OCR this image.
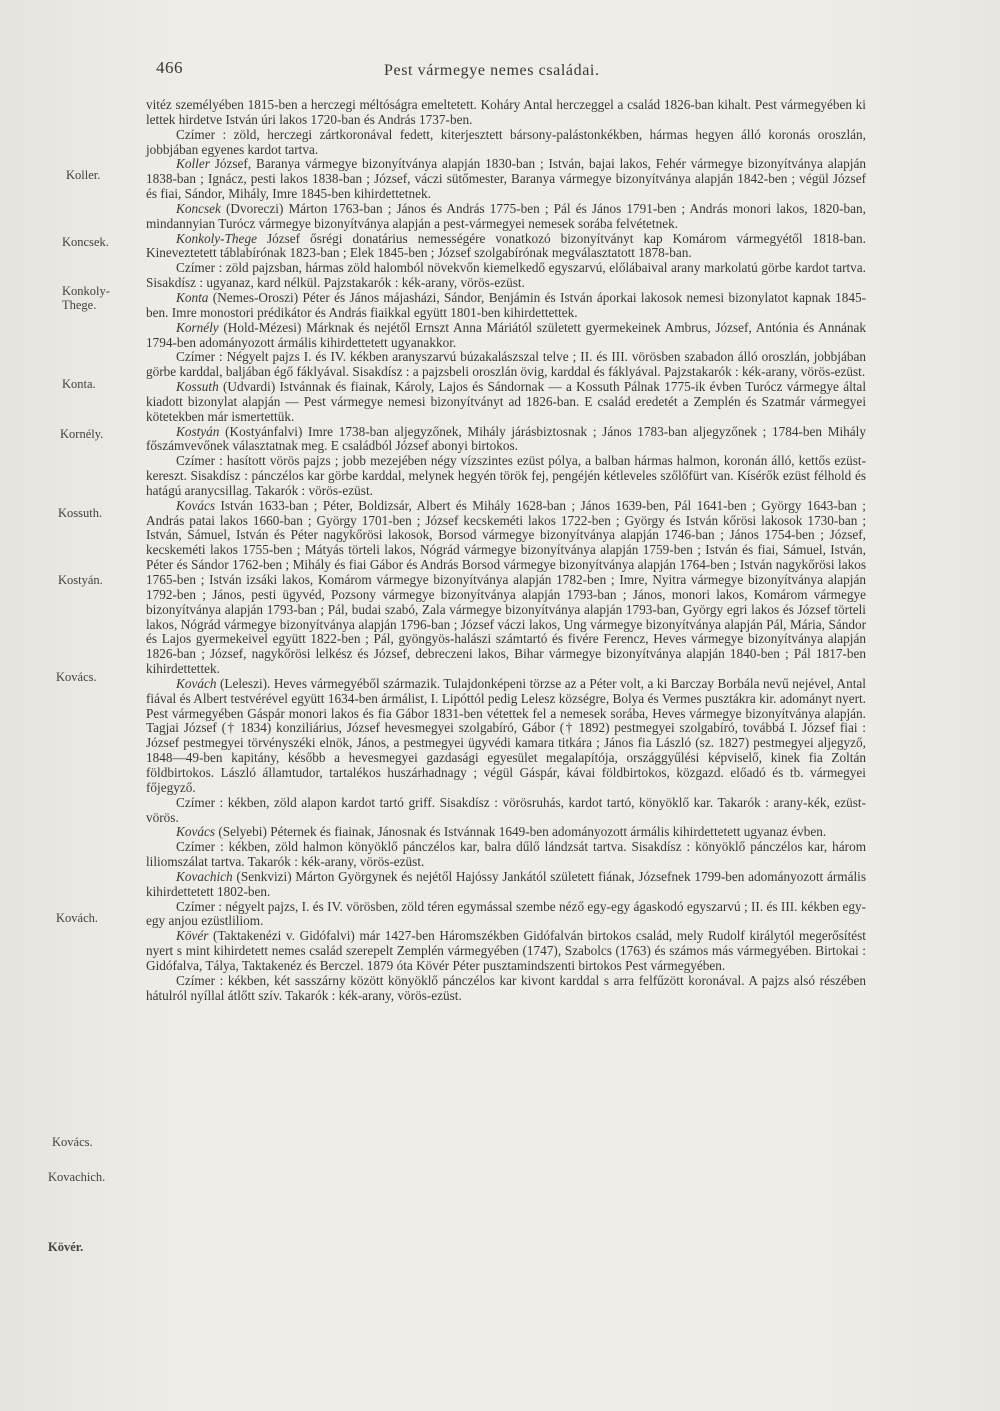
466	Pest vármegye nemes családai.
Koller.
Koncsek.
Konkoly-Thege.
Konta.
Kornély.
Kossuth.
Kostyán.
Kovács.
Kovách.
Kovács.
Kovachich.
Kövér.

vitéz személyében 1815-ben a herczegi méltóságra emeltetett. Koháry Antal herczeggel a család 1826-ban kihalt. Pest vármegyében ki lettek hirdetve István úri lakos 1720-ban és András 1737-ben.

Czímer : zöld, herczegi zártkoronával fedett, kiterjesztett bársony-palástonkékben, hármas hegyen álló koronás oroszlán, jobbjában egyenes kardot tartva.

Koller József, Baranya vármegye bizonyítványa alapján 1830-ban ; István, bajai lakos, Fehér vármegye bizonyítványa alapján 1838-ban ; Ignácz, pesti lakos 1838-ban ; József, váczi sütőmester, Baranya vármegye bizonyítványa alapján 1842-ben ; végül József és fiai, Sándor, Mihály, Imre 1845-ben kihirdettetnek.

Koncsek (Dvoreczi) Márton 1763-ban ; János és András 1775-ben ; Pál és János 1791-ben ; András monori lakos, 1820-ban, mindannyian Turócz vármegye bizonyítványa alapján a pest-vármegyei nemesek sorába felvétetnek.

Konkoly-Thege József ősrégi donatárius nemességére vonatkozó bizonyítványt kap Komárom vármegyétől 1818-ban. Kineveztetett táblabírónak 1823-ban ; Elek 1845-ben ; József szolgabírónak megválasztatott 1878-ban.

Czímer : zöld pajzsban, hármas zöld halomból növekvőn kiemelkedő egyszarvú, előlábaival arany markolatú görbe kardot tartva. Sisakdísz : ugyanaz, kard nélkül. Pajzstakarók : kék-arany, vörös-ezüst.

Konta (Nemes-Oroszi) Péter és János májasházi, Sándor, Benjámin és István áporkai lakosok nemesi bizonylatot kapnak 1845-ben. Imre monostori prédikátor és András fiaikkal együtt 1801-ben kihirdettettek.

Kornély (Hold-Mézesi) Márknak és nejétől Ernszt Anna Máriától született gyermekeinek Ambrus, József, Antónia és Annának 1794-ben adományozott ármális kihirdettetett ugyanakkor.

Czímer : Négyelt pajzs I. és IV. kékben aranyszarvú búzakalászszal telve ; II. és III. vörösben szabadon álló oroszlán, jobbjában görbe karddal, baljában égő fáklyával. Sisakdísz : a pajzsbeli oroszlán övig, karddal és fáklyával. Pajzstakarók : kék-arany, vörös-ezüst.

Kossuth (Udvardi) Istvánnak és fiainak, Károly, Lajos és Sándornak — a Kossuth Pálnak 1775-ik évben Turócz vármegye által kiadott bizonylat alapján — Pest vármegye nemesi bizonyítványt ad 1826-ban. E család eredetét a Zemplén és Szatmár vármegyei kötetekben már ismertettük.

Kostyán (Kostyánfalvi) Imre 1738-ban aljegyzőnek, Mihály járásbiztosnak ; János 1783-ban aljegyzőnek ; 1784-ben Mihály főszámvevőnek választatnak meg. E családból József abonyi birtokos.

Czímer : hasított vörös pajzs ; jobb mezejében négy vízszintes ezüst pólya, a balban hármas halmon, koronán álló, kettős ezüst-kereszt. Sisakdísz : pánczélos kar görbe karddal, melynek hegyén török fej, pengéjén kétleveles szőlőfürt van. Kísérők ezüst félhold és hatágú aranycsillag. Takarók : vörös-ezüst.

Kovács István 1633-ban ; Péter, Boldizsár, Albert és Mihály 1628-ban ; János 1639-ben, Pál 1641-ben ; György 1643-ban ; András patai lakos 1660-ban ; György 1701-ben ; József kecskeméti lakos 1722-ben ; György és István kőrösi lakosok 1730-ban ; István, Sámuel, István és Péter nagykőrösi lakosok, Borsod vármegye bizonyítványa alapján 1746-ban ; János 1754-ben ; József, kecskeméti lakos 1755-ben ; Mátyás törteli lakos, Nógrád vármegye bizonyítványa alapján 1759-ben ; István és fiai, Sámuel, István, Péter és Sándor 1762-ben ; Mihály és fiai Gábor és András Borsod vármegye bizonyítványa alapján 1764-ben ; István nagykőrösi lakos 1765-ben ; István izsáki lakos, Komárom vármegye bizonyítványa alapján 1782-ben ; Imre, Nyitra vármegye bizonyítványa alapján 1792-ben ; János, pesti ügyvéd, Pozsony vármegye bizonyítványa alapján 1793-ban ; János, monori lakos, Komárom vármegye bizonyítványa alapján 1793-ban ; Pál, budai szabó, Zala vármegye bizonyítványa alapján 1793-ban, György egri lakos és József törteli lakos, Nógrád vármegye bizonyítványa alapján 1796-ban ; József váczi lakos, Ung vármegye bizonyítványa alapján Pál, Mária, Sándor és Lajos gyermekeivel együtt 1822-ben ; Pál, gyöngyös-halászi számtartó és fivére Ferencz, Heves vármegye bizonyítványa alapján 1826-ban ; József, nagykőrösi lelkész és József, debreczeni lakos, Bihar vármegye bizonyítványa alapján 1840-ben ; Pál 1817-ben kihirdettettek.

Kovách (Leleszi). Heves vármegyéből származik. Tulajdonképeni törzse az a Péter volt, a ki Barczay Borbála nevű nejével, Antal fiával és Albert testvérével együtt 1634-ben ármálist, I. Lipóttól pedig Lelesz községre, Bolya és Vermes pusztákra kir. adományt nyert. Pest vármegyében Gáspár monori lakos és fia Gábor 1831-ben vétettek fel a nemesek sorába, Heves vármegye bizonyítványa alapján. Tagjai József († 1834) konziliárius, József hevesmegyei szolgabíró, Gábor († 1892) pestmegyei szolgabíró, továbbá I. József fiai : József pestmegyei törvényszéki elnök, János, a pestmegyei ügyvédi kamara titkára ; János fia László (sz. 1827) pestmegyei aljegyző, 1848—49-ben kapitány, később a hevesmegyei gazdasági egyesület megalapítója, országgyűlési képviselő, kinek fia Zoltán földbirtokos. László államtudor, tartalékos huszárhadnagy ; végül Gáspár, kávai földbirtokos, közgazd. előadó és tb. vármegyei főjegyző.

Czímer : kékben, zöld alapon kardot tartó griff. Sisakdísz : vörösruhás, kardot tartó, könyöklő kar. Takarók : arany-kék, ezüst-vörös.

Kovács (Selyebi) Péternek és fiainak, Jánosnak és Istvánnak 1649-ben adományozott ármális kihirdettetett ugyanaz évben.

Czímer : kékben, zöld halmon könyöklő pánczélos kar, balra dűlő lándzsát tartva. Sisakdísz : könyöklő pánczélos kar, három liliomszálat tartva. Takarók : kék-arany, vörös-ezüst.

Kovachich (Senkvizi) Márton Györgynek és nejétől Hajóssy Jankától született fiának, Józsefnek 1799-ben adományozott ármális kihirdettetett 1802-ben.

Czímer : négyelt pajzs, I. és IV. vörösben, zöld téren egymással szembe néző egy-egy ágaskodó egyszarvú ; II. és III. kékben egy-egy anjou ezüstliliom.

Kövér (Taktakenézi v. Gidófalvi) már 1427-ben Háromszékben Gidófalván birtokos család, mely Rudolf királytól megerősítést nyert s mint kihirdetett nemes család szerepelt Zemplén vármegyében (1747), Szabolcs (1763) és számos más vármegyében. Birtokai : Gidófalva, Tálya, Taktakenéz és Berczel. 1879 óta Kövér Péter pusztamindszenti birtokos Pest vármegyében.

Czímer : kékben, két sasszárny között könyöklő pánczélos kar kivont karddal s arra felfűzött koronával. A pajzs alsó részében hátulról nyíllal átlőtt szív. Takarók : kék-arany, vörös-ezüst.
